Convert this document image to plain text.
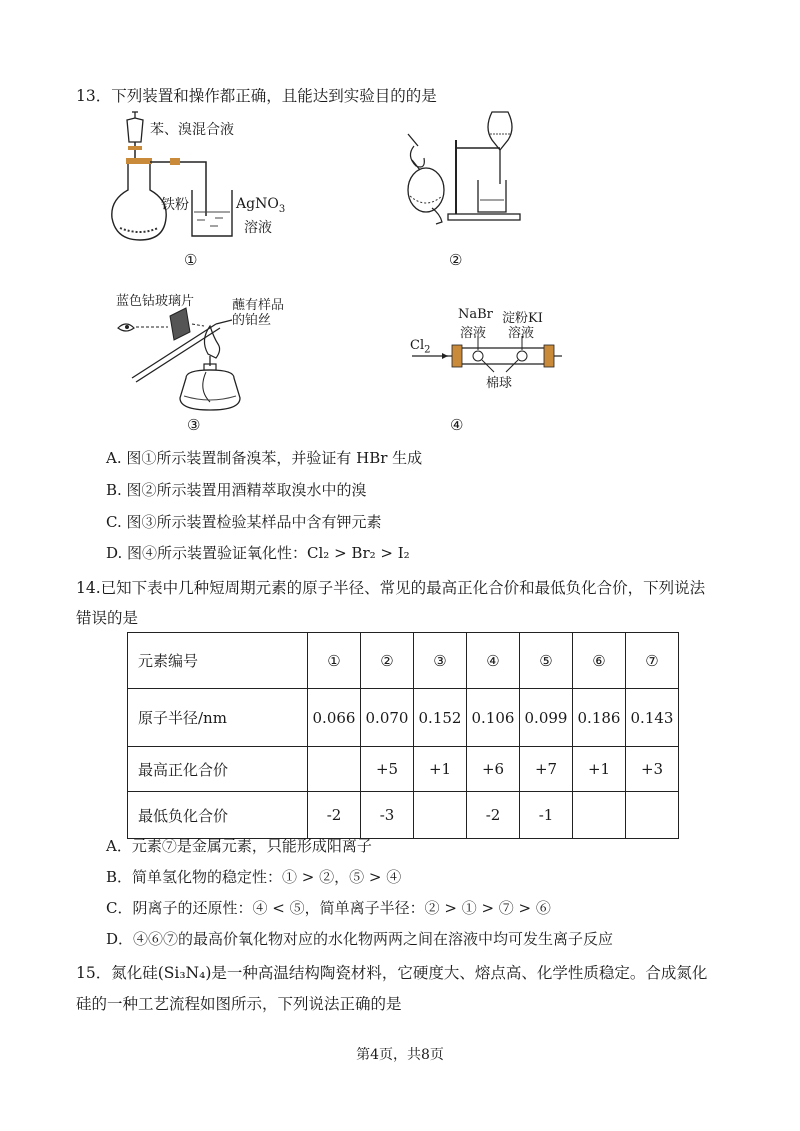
13．下列装置和操作都正确，且能达到实验目的的是
苯、溴混合液
铁粉	AgNO$_3$
溶液
①	②
蓝色钴玻璃片	蘸有样品
的铂丝
③
$Cl_2$
NaBr
溶液
淀粉KI
溶液
棉球
④
A. 图①所示装置制备溴苯，并验证有 HBr 生成
B. 图②所示装置用酒精萃取溴水中的溴
C. 图③所示装置检验某样品中含有钾元素
D. 图④所示装置验证氧化性：Cl₂ > Br₂ > I₂
14.已知下表中几种短周期元素的原子半径、常见的最高正化合价和最低负化合价，下列说法
错误的是
元素编号	①	②	③	④	⑤	⑥	⑦
原子半径/nm	0.066	0.070	0.152	0.106	0.099	0.186	0.143
最高正化合价		+5	+1	+6	+7	+1	+3
最低负化合价	-2	-3		-2	-1		
A．元素⑦是金属元素，只能形成阳离子
B．简单氢化物的稳定性：① > ②，⑤ > ④
C．阴离子的还原性：④ < ⑤，简单离子半径：② > ① > ⑦ > ⑥
D．④⑥⑦的最高价氧化物对应的水化物两两之间在溶液中均可发生离子反应
15．氮化硅(Si₃N₄)是一种高温结构陶瓷材料，它硬度大、熔点高、化学性质稳定。合成氮化
硅的一种工艺流程如图所示，下列说法正确的是
第4页，共8页
